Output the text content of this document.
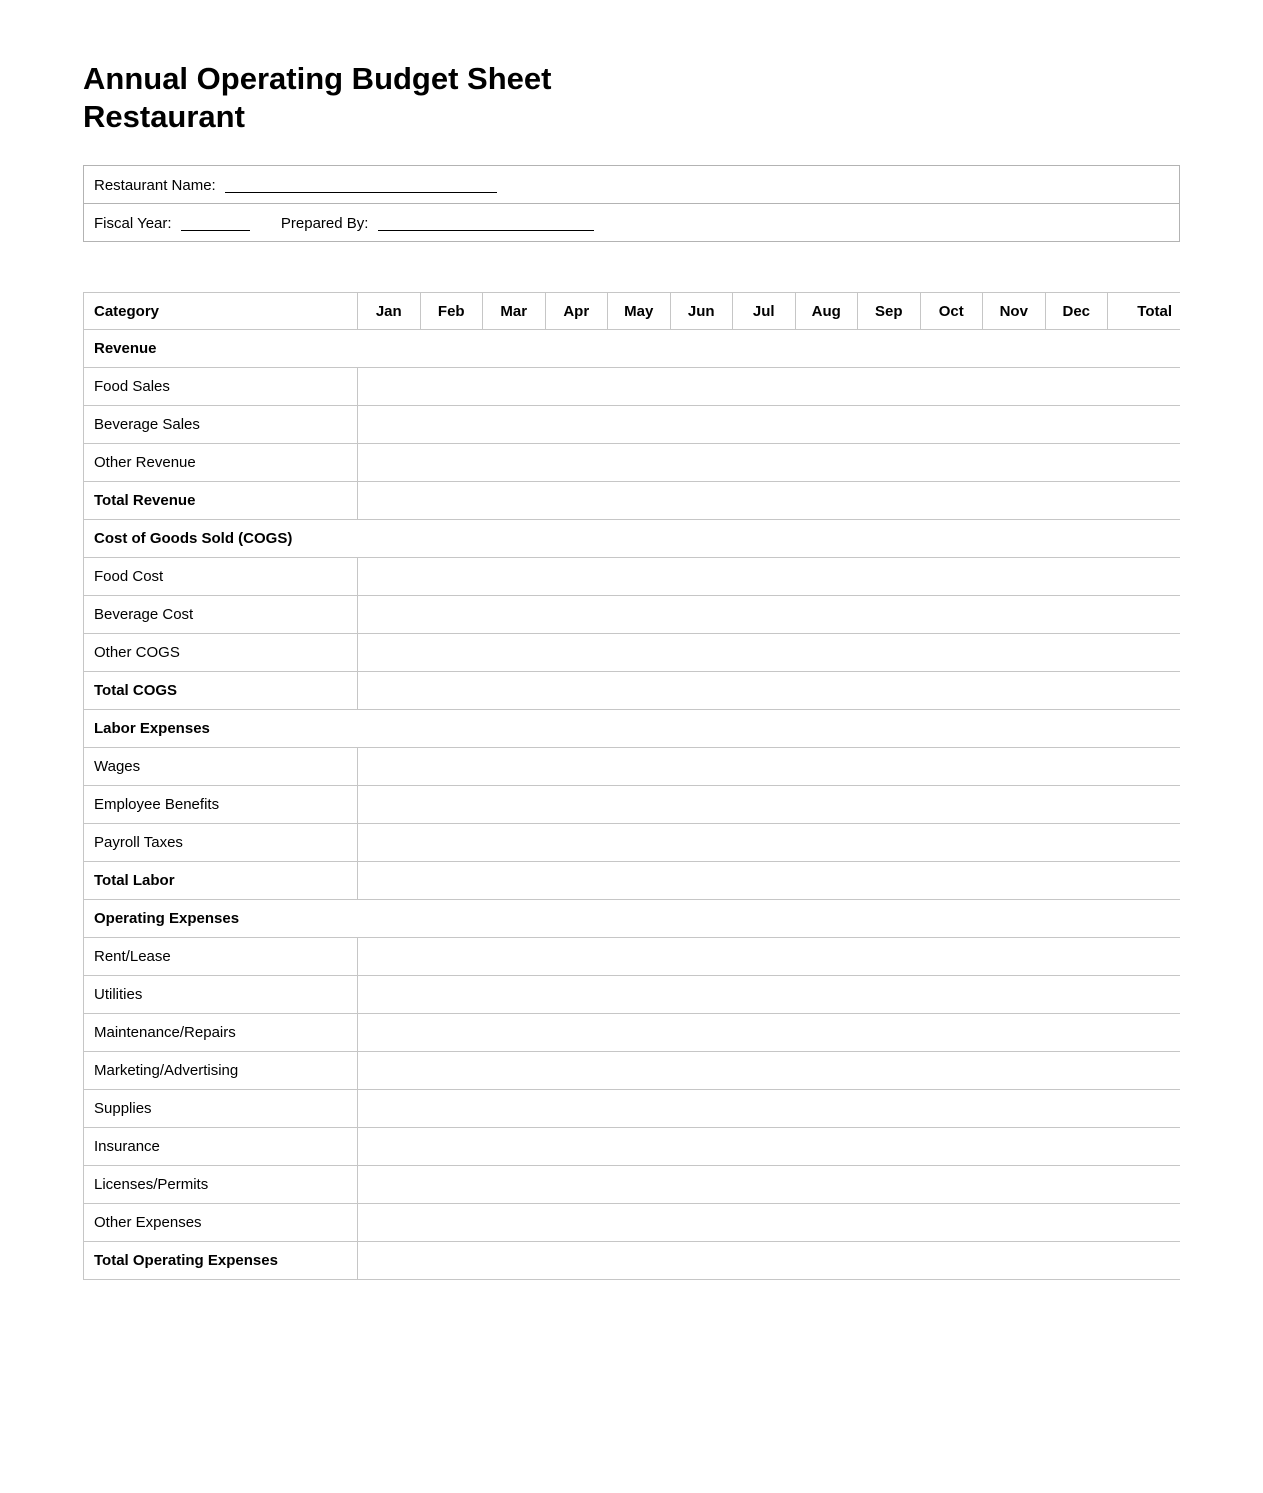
Annual Operating Budget Sheet
Restaurant
Restaurant Name:
Fiscal Year:	Prepared By:
Category	Jan	Feb	Mar	Apr	May	Jun	Jul	Aug	Sep	Oct	Nov	Dec	Total
Revenue													
Food Sales													
Beverage Sales													
Other Revenue													
Total Revenue													
Cost of Goods Sold (COGS)													
Food Cost													
Beverage Cost													
Other COGS													
Total COGS													
Labor Expenses													
Wages													
Employee Benefits													
Payroll Taxes													
Total Labor													
Operating Expenses													
Rent/Lease													
Utilities													
Maintenance/Repairs													
Marketing/Advertising													
Supplies													
Insurance													
Licenses/Permits													
Other Expenses													
Total Operating Expenses													
